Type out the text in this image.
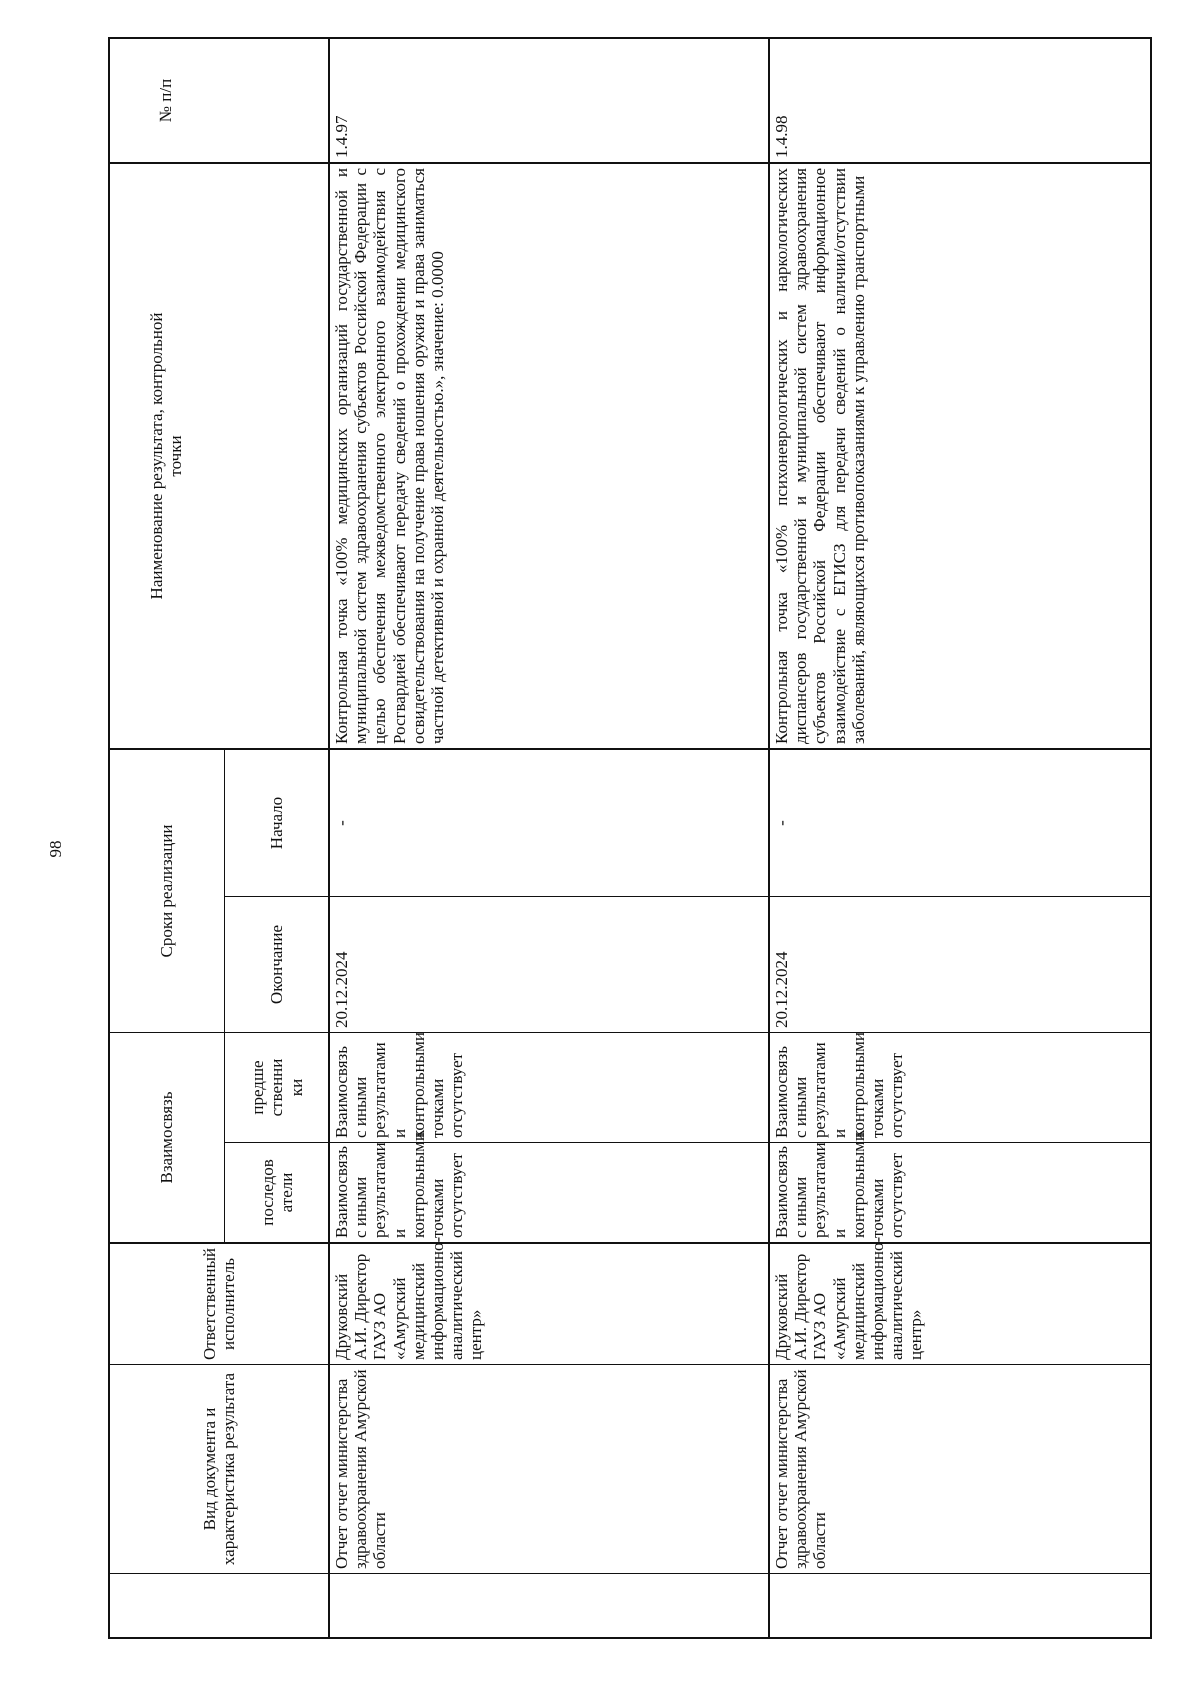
98
№ п/п
Наименование результата, контрольной точки
Сроки реализации
Начало
Окончание
Взаимосвязь
предшественники
последователи
Ответственный исполнитель
Вид документа и характеристика результата
1.4.97
Контрольная точка «100% медицинских организаций государственной и муниципальной систем здравоохранения субъектов Российской Федерации с целью обеспечения межведомственного электронного взаимодействия с Росгвардией обеспечивают передачу сведений о прохождении медицинского освидетельствования на получение права ношения оружия и права заниматься частной детективной и охранной деятельностью.», значение: 0.0000
-
20.12.2024
Взаимосвязь с иными результатами и контрольными точками отсутствует
Взаимосвязь с иными результатами и контрольными точками отсутствует
Друковский А.И. Директор ГАУЗ АО «Амурский медицинский информационно-аналитический центр»
Отчет отчет министерства здравоохранения Амурской области
1.4.98
Контрольная точка «100% психоневрологических и наркологических диспансеров государственной и муниципальной систем здравоохранения субъектов Российской Федерации обеспечивают информационное взаимодействие с ЕГИСЗ для передачи сведений о наличии/отсутствии заболеваний, являющихся противопоказаниями к управлению транспортными
-
20.12.2024
Взаимосвязь с иными результатами и контрольными точками отсутствует
Взаимосвязь с иными результатами и контрольными точками отсутствует
Друковский А.И. Директор ГАУЗ АО «Амурский медицинский информационно-аналитический центр»
Отчет отчет министерства здравоохранения Амурской области
